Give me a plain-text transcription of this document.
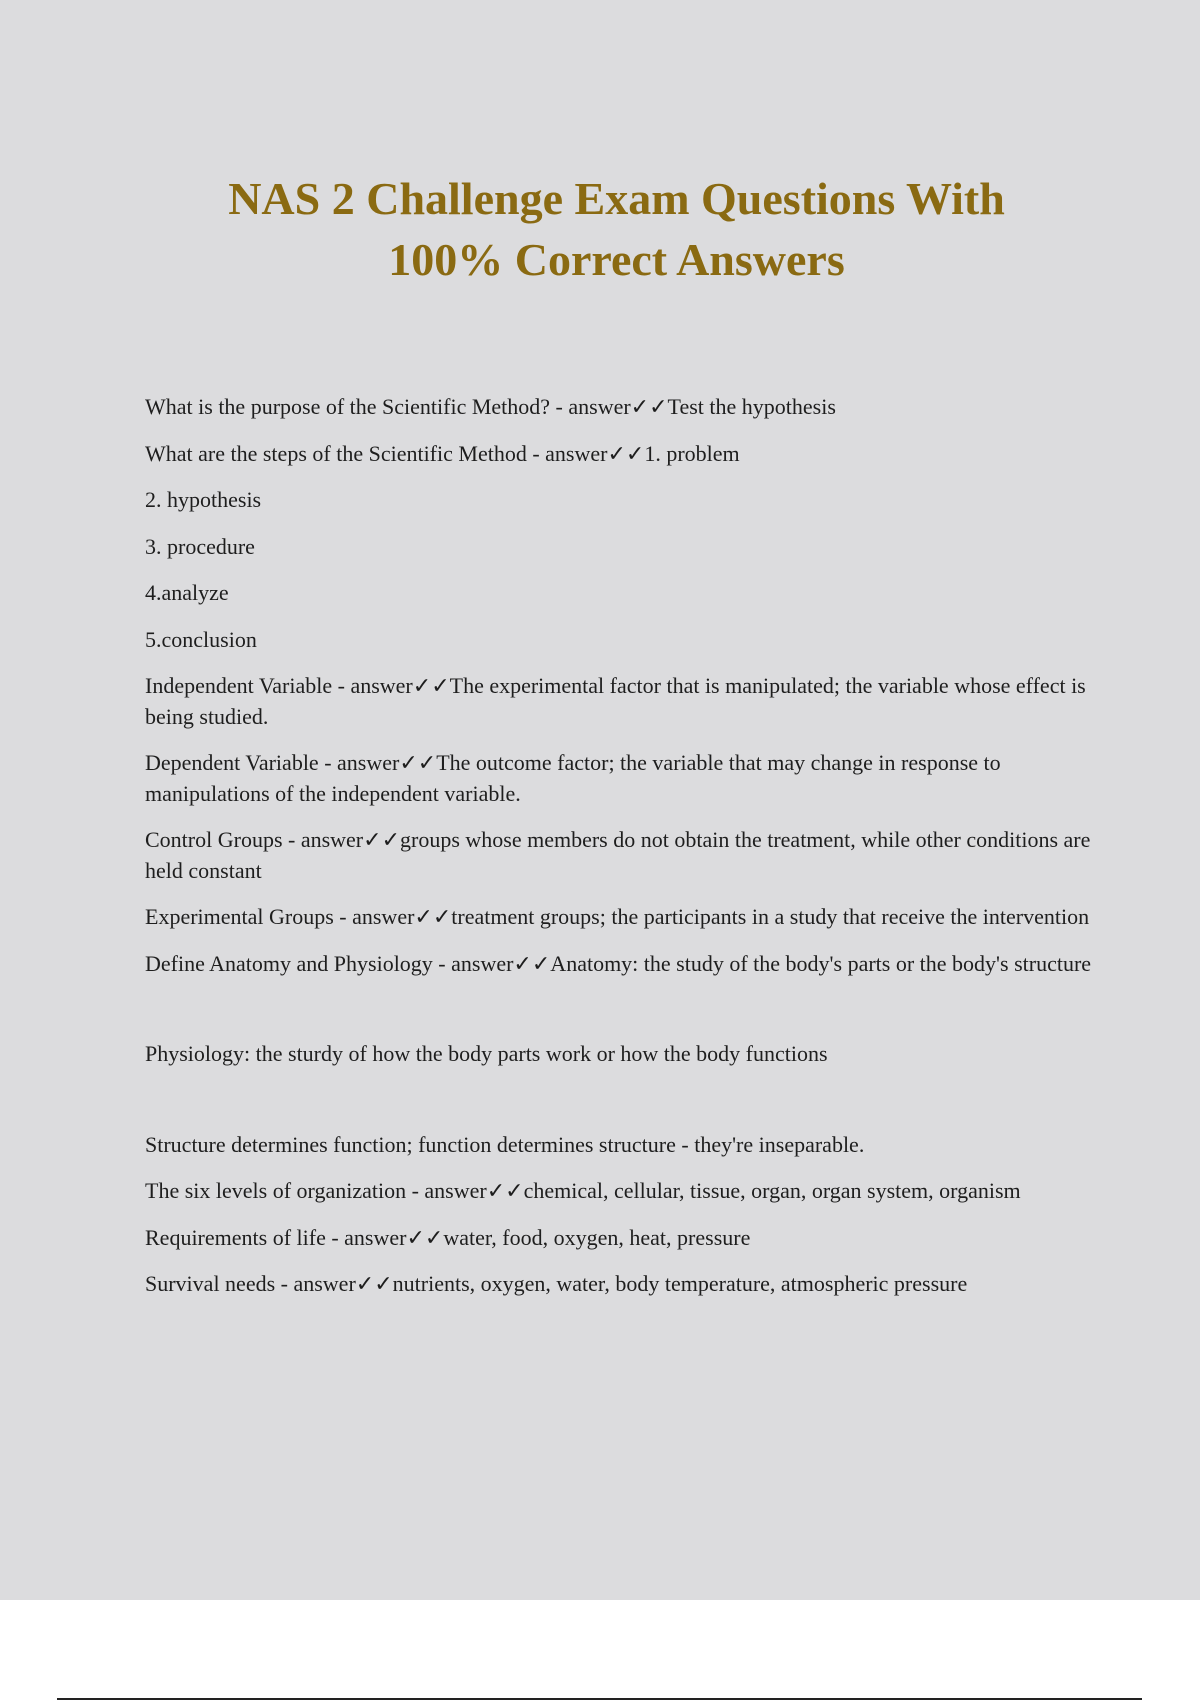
NAS 2 Challenge Exam Questions With
100% Correct Answers

What is the purpose of the Scientific Method? - answer✓✓Test the hypothesis

What are the steps of the Scientific Method - answer✓✓1. problem

2. hypothesis

3. procedure

4.analyze

5.conclusion

Independent Variable - answer✓✓The experimental factor that is manipulated; the variable whose effect is being studied.

Dependent Variable - answer✓✓The outcome factor; the variable that may change in response to manipulations of the independent variable.

Control Groups - answer✓✓groups whose members do not obtain the treatment, while other conditions are held constant

Experimental Groups - answer✓✓treatment groups; the participants in a study that receive the intervention

Define Anatomy and Physiology - answer✓✓Anatomy: the study of the body's parts or the body's structure

Physiology: the sturdy of how the body parts work or how the body functions

Structure determines function; function determines structure - they're inseparable.

The six levels of organization - answer✓✓chemical, cellular, tissue, organ, organ system, organism

Requirements of life - answer✓✓water, food, oxygen, heat, pressure

Survival needs - answer✓✓nutrients, oxygen, water, body temperature, atmospheric pressure
